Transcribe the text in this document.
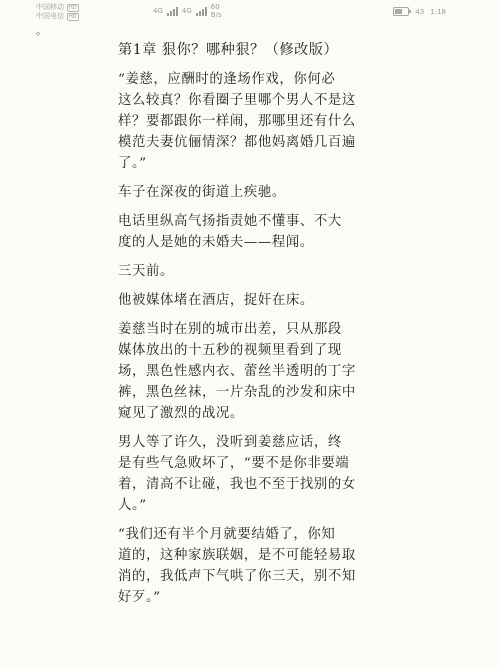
中国移动	HD
中国电信	HD
4G	4G	60
B/s	43 1:18
。
第1章 狠你？哪种狠？（修改版）
“姜慈，应酬时的逢场作戏，你何必
这么较真？你看圈子里哪个男人不是这
样？要都跟你一样闹，那哪里还有什么
模范夫妻伉俪情深？都他妈离婚几百遍
了。”
车子在深夜的街道上疾驰。
电话里纵高气扬指责她不懂事、不大
度的人是她的未婚夫——程闻。
三天前。
他被媒体堵在酒店，捉奸在床。
姜慈当时在别的城市出差，只从那段
媒体放出的十五秒的视频里看到了现
场，黑色性感内衣、蕾丝半透明的丁字
裤，黑色丝袜，一片杂乱的沙发和床中
窥见了激烈的战况。
男人等了许久，没听到姜慈应话，终
是有些气急败坏了，“要不是你非要端
着，清高不让碰，我也不至于找别的女
人。”
“我们还有半个月就要结婚了，你知
道的，这种家族联姻，是不可能轻易取
消的，我低声下气哄了你三天，别不知
好歹。”
